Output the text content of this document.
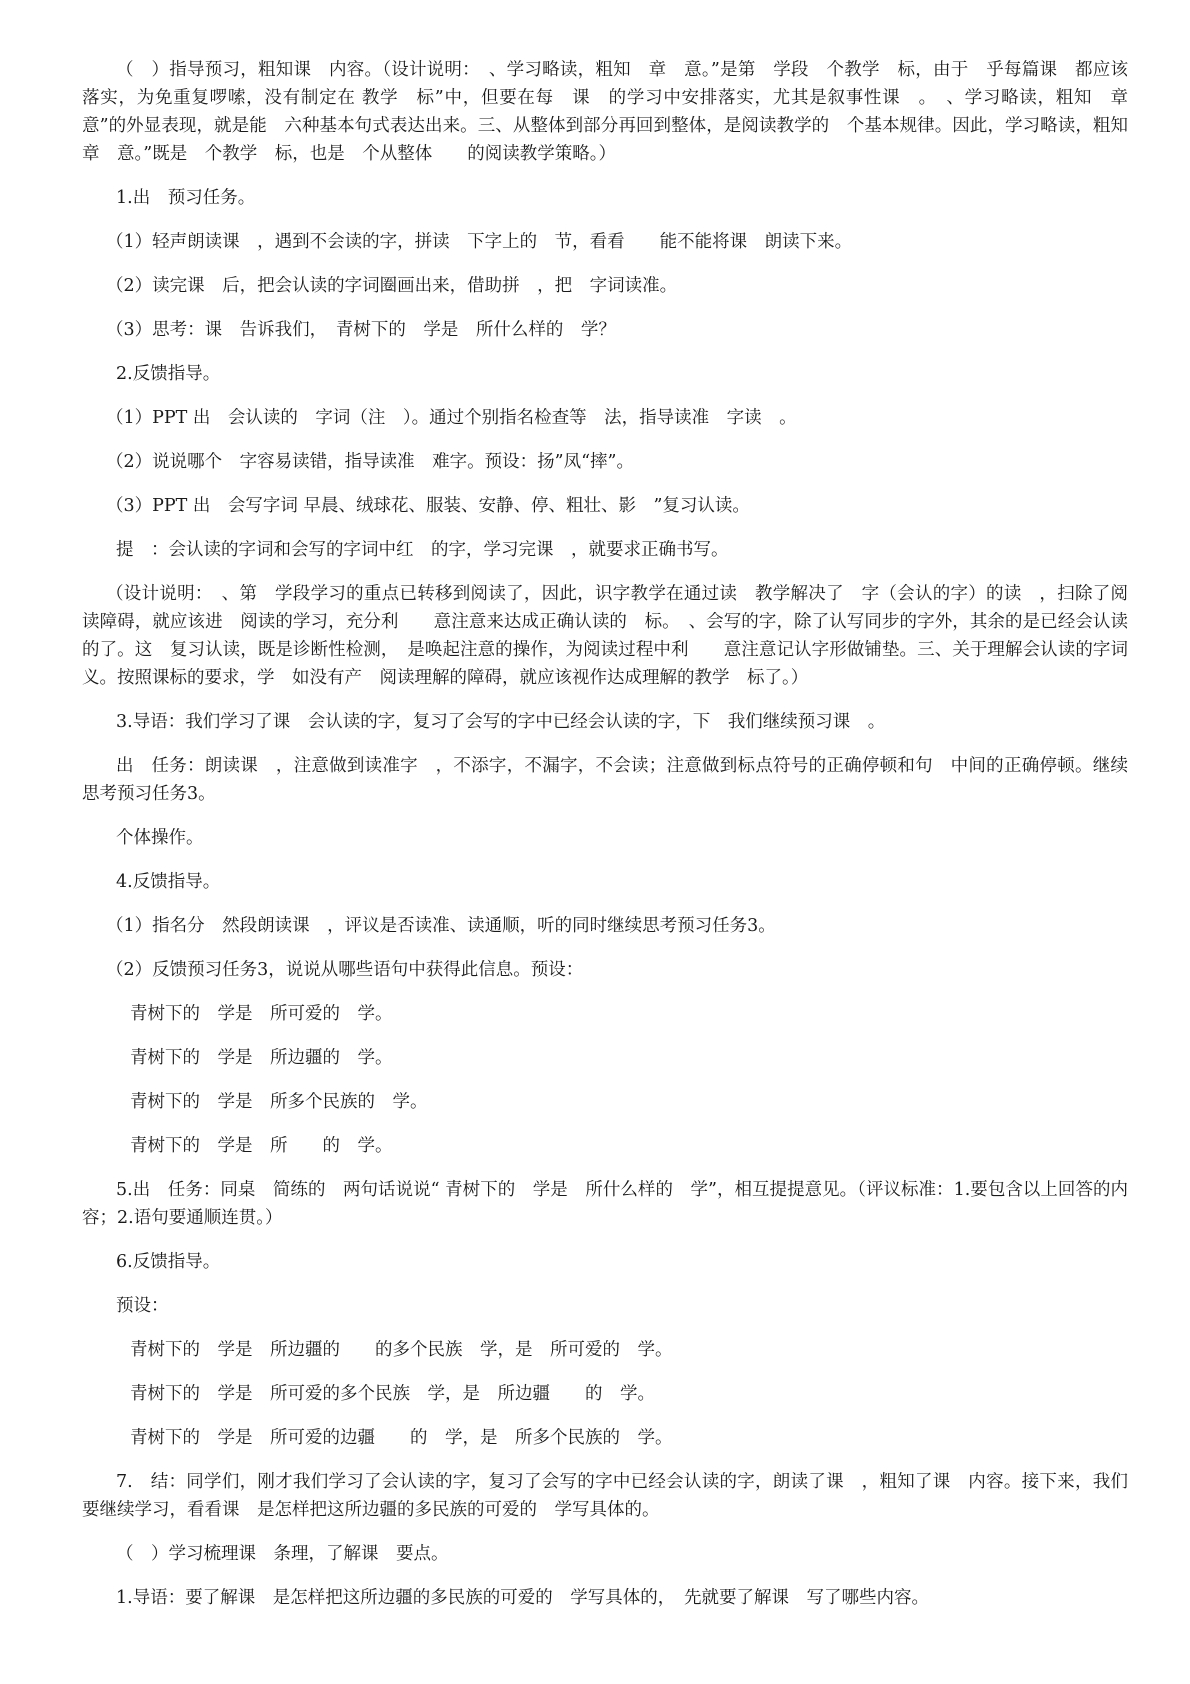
（　）指导预习，粗知课　内容。（设计说明：　、学习略读，粗知　章　意。”是第　学段　个教学　标，由于　乎每篇课　都应该落实，为免重复啰嗦，没有制定在 教学　标”中，但要在每　课　的学习中安排落实，尤其是叙事性课　。　、学习略读，粗知　章　意”的外显表现，就是能　六种基本句式表达出来。三、从整体到部分再回到整体，是阅读教学的　个基本规律。因此，学习略读，粗知　章　意。”既是　个教学　标，也是　个从整体　　的阅读教学策略。）

1.出　预习任务。

（1）轻声朗读课　，遇到不会读的字，拼读　下字上的　节，看看　　能不能将课　朗读下来。

（2）读完课　后，把会认读的字词圈画出来，借助拼　，把　字词读准。

（3）思考：课　告诉我们，　青树下的　学是　所什么样的　学？

2.反馈指导。

（1）PPT 出　会认读的　字词（注　）。通过个别指名检查等　法，指导读准　字读　。

（2）说说哪个　字容易读错，指导读准　难字。预设：扬”凤“摔”。

（3）PPT 出　会写字词 早晨、绒球花、服装、安静、停、粗壮、影　”复习认读。

提　：会认读的字词和会写的字词中红　的字，学习完课　，就要求正确书写。

（设计说明：　、第　学段学习的重点已转移到阅读了，因此，识字教学在通过读　教学解决了　字（会认的字）的读　，扫除了阅读障碍，就应该进　阅读的学习，充分利　　意注意来达成正确认读的　标。　、会写的字，除了认写同步的字外，其余的是已经会认读的了。这　复习认读，既是诊断性检测，　是唤起注意的操作，为阅读过程中利　　意注意记认字形做铺垫。三、关于理解会认读的字词义。按照课标的要求，学　如没有产　阅读理解的障碍，就应该视作达成理解的教学　标了。）

3.导语：我们学习了课　会认读的字，复习了会写的字中已经会认读的字，下　我们继续预习课　。

出　任务：朗读课　，注意做到读准字　，不添字，不漏字，不会读；注意做到标点符号的正确停顿和句　中间的正确停顿。继续思考预习任务3。

个体操作。

4.反馈指导。

（1）指名分　然段朗读课　，评议是否读准、读通顺，听的同时继续思考预习任务3。

（2）反馈预习任务3，说说从哪些语句中获得此信息。预设：

青树下的　学是　所可爱的　学。

青树下的　学是　所边疆的　学。

青树下的　学是　所多个民族的　学。

青树下的　学是　所　　的　学。

5.出　任务：同桌　简练的　两句话说说“ 青树下的　学是　所什么样的　学”，相互提提意见。（评议标准：1.要包含以上回答的内容；2.语句要通顺连贯。）

6.反馈指导。

预设：

青树下的　学是　所边疆的　　的多个民族　学，是　所可爱的　学。

青树下的　学是　所可爱的多个民族　学，是　所边疆　　的　学。

青树下的　学是　所可爱的边疆　　的　学，是　所多个民族的　学。

7.　结：同学们，刚才我们学习了会认读的字，复习了会写的字中已经会认读的字，朗读了课　，粗知了课　内容。接下来，我们要继续学习，看看课　是怎样把这所边疆的多民族的可爱的　学写具体的。

（　）学习梳理课　条理，了解课　要点。

1.导语：要了解课　是怎样把这所边疆的多民族的可爱的　学写具体的，　先就要了解课　写了哪些内容。
